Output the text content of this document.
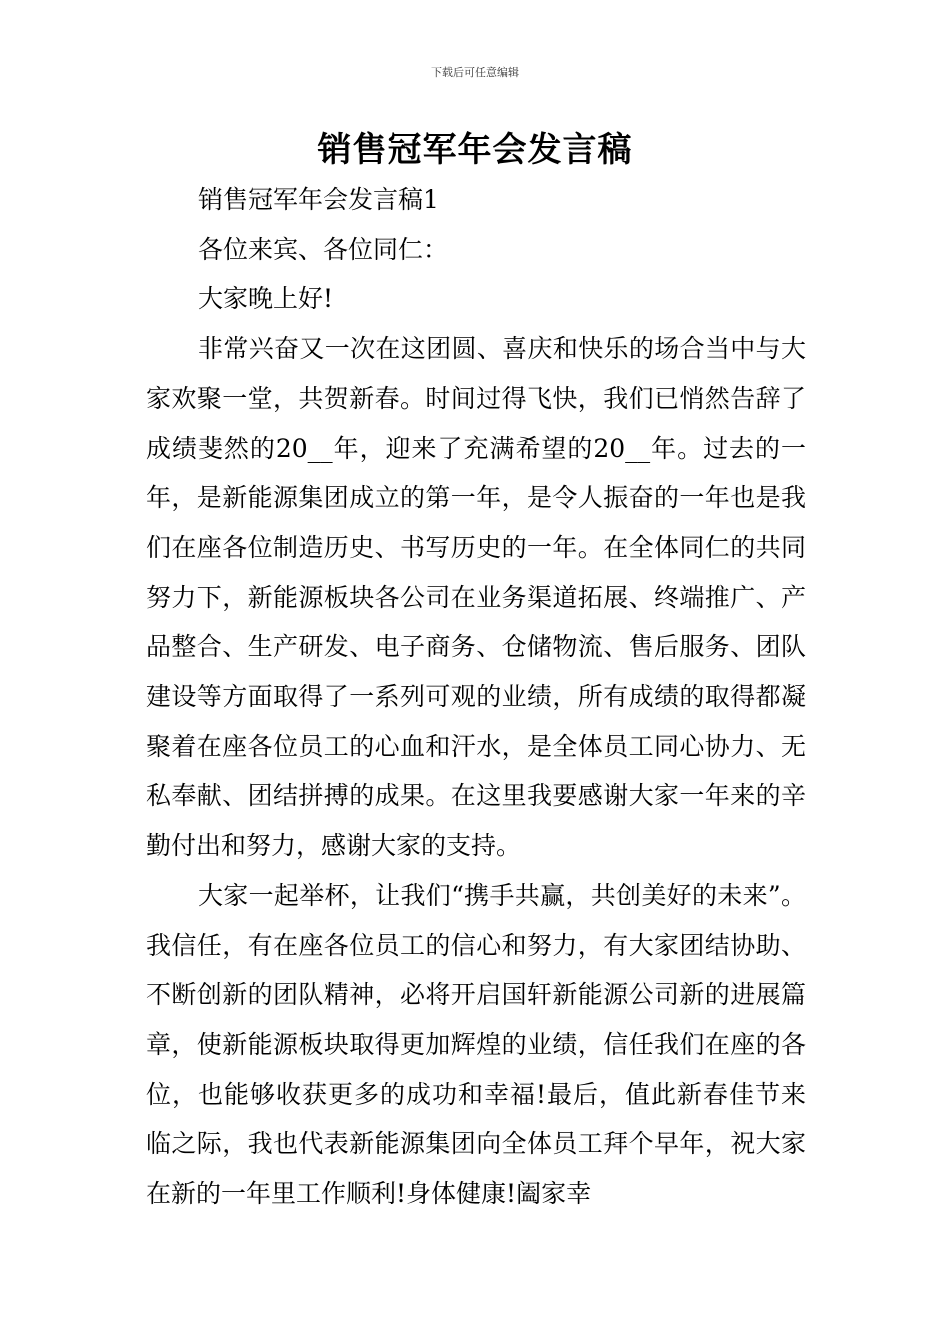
下载后可任意编辑
销售冠军年会发言稿

销售冠军年会发言稿1

各位来宾、各位同仁：

大家晚上好!

非常兴奋又一次在这团圆、喜庆和快乐的场合当中与大家欢聚一堂，共贺新春。时间过得飞快，我们已悄然告辞了成绩斐然的20__年，迎来了充满希望的20__年。过去的一年，是新能源集团成立的第一年，是令人振奋的一年也是我们在座各位制造历史、书写历史的一年。在全体同仁的共同努力下，新能源板块各公司在业务渠道拓展、终端推广、产品整合、生产研发、电子商务、仓储物流、售后服务、团队建设等方面取得了一系列可观的业绩，所有成绩的取得都凝聚着在座各位员工的心血和汗水，是全体员工同心协力、无私奉献、团结拼搏的成果。在这里我要感谢大家一年来的辛勤付出和努力，感谢大家的支持。

大家一起举杯，让我们“携手共赢，共创美好的未来”。我信任，有在座各位员工的信心和努力，有大家团结协助、不断创新的团队精神，必将开启国轩新能源公司新的进展篇章，使新能源板块取得更加辉煌的业绩，信任我们在座的各位，也能够收获更多的成功和幸福!最后，值此新春佳节来临之际，我也代表新能源集团向全体员工拜个早年，祝大家在新的一年里工作顺利!身体健康!阖家幸
